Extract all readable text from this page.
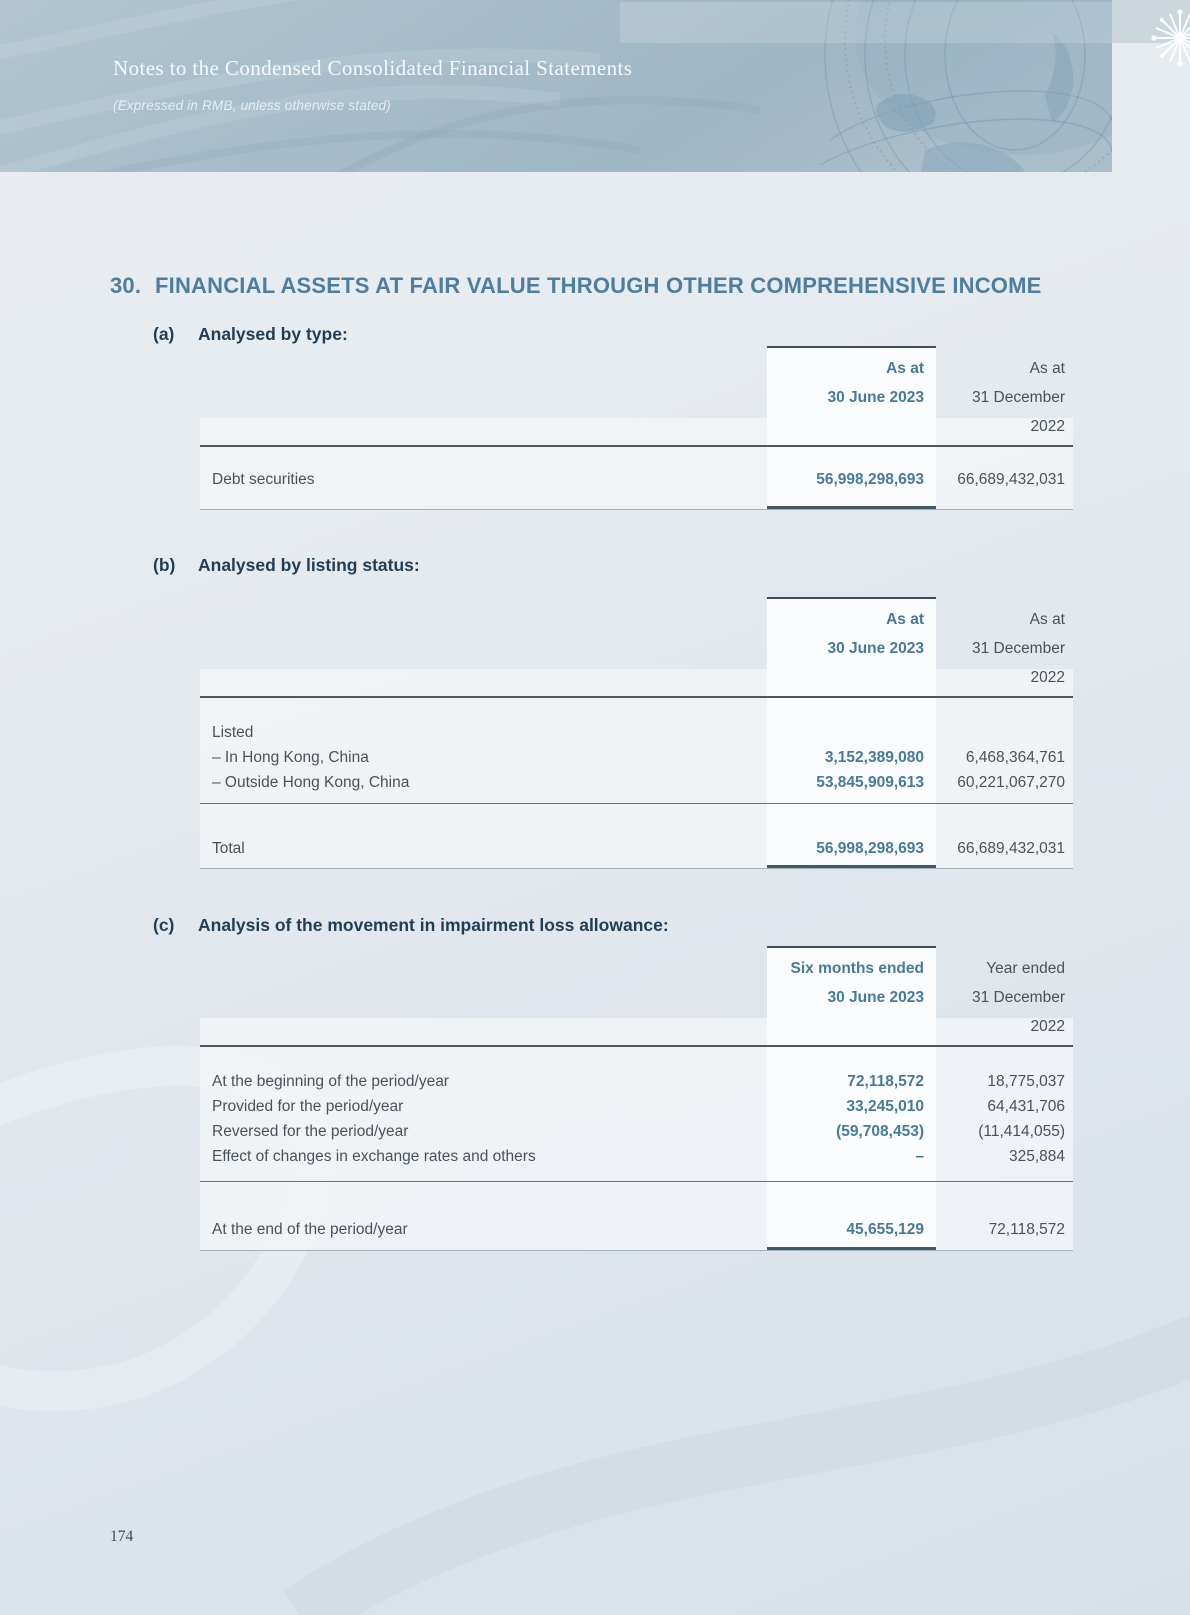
Notes to the Condensed Consolidated Financial Statements
(Expressed in RMB, unless otherwise stated)
30. FINANCIAL ASSETS AT FAIR VALUE THROUGH OTHER COMPREHENSIVE INCOME
(a)	Analysed by type:
As at	As at
30 June 2023	31 December 2022
Debt securities	56,998,298,693	66,689,432,031
(b)	Analysed by listing status:
As at	As at
30 June 2023	31 December 2022
Listed
– In Hong Kong, China	3,152,389,080	6,468,364,761
– Outside Hong Kong, China	53,845,909,613	60,221,067,270
Total	56,998,298,693	66,689,432,031
(c)	Analysis of the movement in impairment loss allowance:
Six months ended	Year ended
30 June 2023	31 December 2022
At the beginning of the period/year	72,118,572	18,775,037
Provided for the period/year	33,245,010	64,431,706
Reversed for the period/year	(59,708,453)	(11,414,055)
Effect of changes in exchange rates and others	–	325,884
At the end of the period/year	45,655,129	72,118,572
174
